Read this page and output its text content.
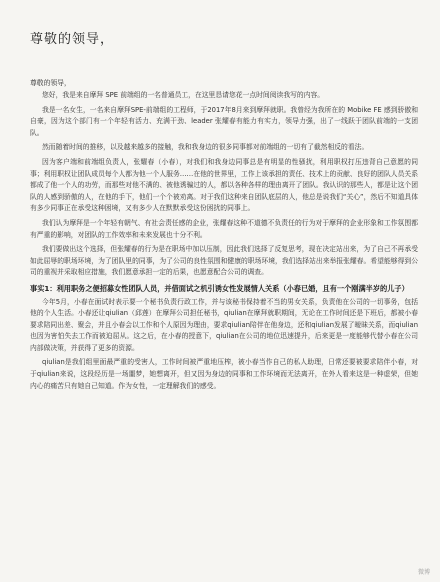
尊敬的领导，

尊敬的领导，

您好，我是来自摩拜 SPE 前端组的一名普通员工，在这里恳请您花一点时间阅读我写的内容。

我是一名女生，一名来自摩拜SPE-前端组的工程师，于2017年8月来到摩拜就职。我曾经为我所在的 Mobike FE 感到骄傲和自豪，因为这个部门有一个年轻有活力、充满干劲、leader 张耀春有能力有实力，领导力强，出了一线跃于团队前端的一支团队。

然而随着时间的推移，以及越来越多的接触，我和我身边的很多同事都对前端组的一切有了截然相反的看法。

因为客户端和前端组负责人，张耀春（小春），对我们和我身边同事总是有明显的性骚扰，利用职权打压违背自己意愿的同事；利用职权让团队成员每个人都为他一个人服务……在他的世界里，工作上该承担的责任、技术上的贡献、良好的团队人员关系都成了他一个人的功劳，而那些对他不满的、被他诱骗过的人，都以各种各样的理由离开了团队。我认识的那些人，都是让这个团队的人感到骄傲的人，在他的手下，他们一个个被劝离。对于我们这种来自团队底层的人，他总是说我们“关心”，然后不知道具体有多少同事正在承受这种困境，又有多少人在默默承受这份困扰的同事上。

我们认为摩拜是一个年轻有朝气、有社会责任感的企业，张耀春这种不道德不负责任的行为对于摩拜的企业形象和工作氛围都有严重的影响，对团队的工作效率和未来发展也十分不利。

我们要做出这个选择，但张耀春的行为是在职场中加以压制，因此我们选择了反复思考，现在决定站出来，为了自己不再承受如此屈辱的职场环境，为了团队里的同事，为了公司的良性氛围和健康的职场环境，我们选择站出来举报张耀春。希望能够得到公司的重视并采取相应措施，我们愿意承担一定的后果，也愿意配合公司的调查。

事实1：利用职务之便招募女性团队人员，并借面试之机引诱女性发展情人关系（小春已婚，且有一个刚满半岁的儿子）

今年5月，小春在面试时表示要一个秘书负责行政工作，并与该秘书保持着不当的男女关系，负责他在公司的一切事务，包括他的个人生活。小春还让qiulian（邱莲）在摩拜公司担任秘书，qiulian在摩拜就职期间，无论在工作时间还是下班后，都被小春要求陪同出差、聚会，并且小春会以工作和个人原因为理由，要求qiulian陪伴在他身边，还和qiulian发展了暧昧关系，而qiulian也因为害怕失去工作而被迫屈从。这之后，在小春的授意下，qiulian在公司的地位迅速提升，后来更是一度能够代替小春在公司内部做决策，并获得了更多的资源。

qiulian是我们组里面最严重的受害人，工作时间被严重地压榨，被小春当作自己的私人助理，日常还要被要求陪伴小春，对于qiulian来说，这段经历是一场噩梦，她想离开，但又因为身边的同事和工作环境而无法离开，在外人看来这是一种虚荣，但她内心的痛苦只有她自己知道。作为女性，一定理解我们的感受。

微博
